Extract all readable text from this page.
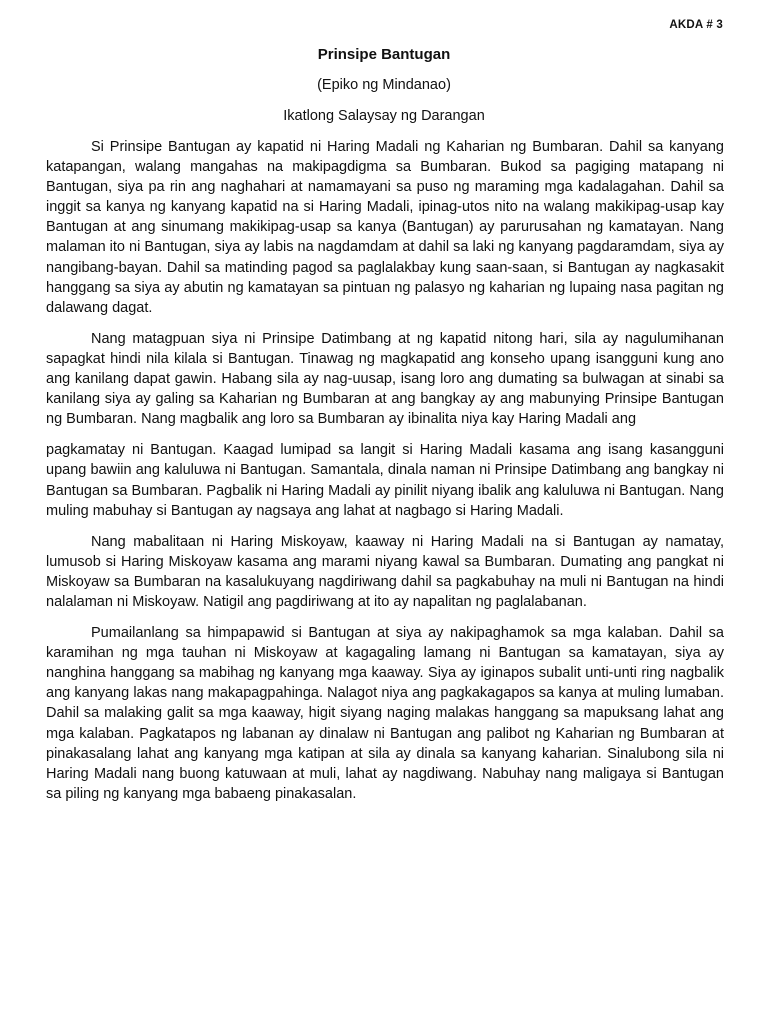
AKDA # 3
Prinsipe Bantugan
(Epiko ng Mindanao)
Ikatlong Salaysay ng Darangan

Si Prinsipe Bantugan ay kapatid ni Haring Madali ng Kaharian ng Bumbaran. Dahil sa kanyang katapangan, walang mangahas na makipagdigma sa Bumbaran. Bukod sa pagiging matapang ni Bantugan, siya pa rin ang naghahari at namamayani sa puso ng maraming mga kadalagahan. Dahil sa inggit sa kanya ng kanyang kapatid na si Haring Madali, ipinag-utos nito na walang makikipag-usap kay Bantugan at ang sinumang makikipag-usap sa kanya (Bantugan) ay parurusahan ng kamatayan. Nang malaman ito ni Bantugan, siya ay labis na nagdamdam at dahil sa laki ng kanyang pagdaramdam, siya ay nangibang-bayan. Dahil sa matinding pagod sa paglalakbay kung saan-saan, si Bantugan ay nagkasakit hanggang sa siya ay abutin ng kamatayan sa pintuan ng palasyo ng kaharian ng lupaing nasa pagitan ng dalawang dagat.

Nang matagpuan siya ni Prinsipe Datimbang at ng kapatid nitong hari, sila ay nagulumihanan sapagkat hindi nila kilala si Bantugan. Tinawag ng magkapatid ang konseho upang isangguni kung ano ang kanilang dapat gawin. Habang sila ay nag-uusap, isang loro ang dumating sa bulwagan at sinabi sa kanilang siya ay galing sa Kaharian ng Bumbaran at ang bangkay ay ang mabunying Prinsipe Bantugan ng Bumbaran. Nang magbalik ang loro sa Bumbaran ay ibinalita niya kay Haring Madali ang

pagkamatay ni Bantugan. Kaagad lumipad sa langit si Haring Madali kasama ang isang kasangguni upang bawiin ang kaluluwa ni Bantugan. Samantala, dinala naman ni Prinsipe Datimbang ang bangkay ni Bantugan sa Bumbaran. Pagbalik ni Haring Madali ay pinilit niyang ibalik ang kaluluwa ni Bantugan. Nang muling mabuhay si Bantugan ay nagsaya ang lahat at nagbago si Haring Madali.

Nang mabalitaan ni Haring Miskoyaw, kaaway ni Haring Madali na si Bantugan ay namatay, lumusob si Haring Miskoyaw kasama ang marami niyang kawal sa Bumbaran. Dumating ang pangkat ni Miskoyaw sa Bumbaran na kasalukuyang nagdiriwang dahil sa pagkabuhay na muli ni Bantugan na hindi nalalaman ni Miskoyaw. Natigil ang pagdiriwang at ito ay napalitan ng paglalabanan.

Pumailanlang sa himpapawid si Bantugan at siya ay nakipaghamok sa mga kalaban. Dahil sa karamihan ng mga tauhan ni Miskoyaw at kagagaling lamang ni Bantugan sa kamatayan, siya ay nanghina hanggang sa mabihag ng kanyang mga kaaway. Siya ay iginapos subalit unti-unti ring nagbalik ang kanyang lakas nang makapagpahinga. Nalagot niya ang pagkakagapos sa kanya at muling lumaban. Dahil sa malaking galit sa mga kaaway, higit siyang naging malakas hanggang sa mapuksang lahat ang mga kalaban. Pagkatapos ng labanan ay dinalaw ni Bantugan ang palibot ng Kaharian ng Bumbaran at pinakasalang lahat ang kanyang mga katipan at sila ay dinala sa kanyang kaharian. Sinalubong sila ni Haring Madali nang buong katuwaan at muli, lahat ay nagdiwang. Nabuhay nang maligaya si Bantugan sa piling ng kanyang mga babaeng pinakasalan.
